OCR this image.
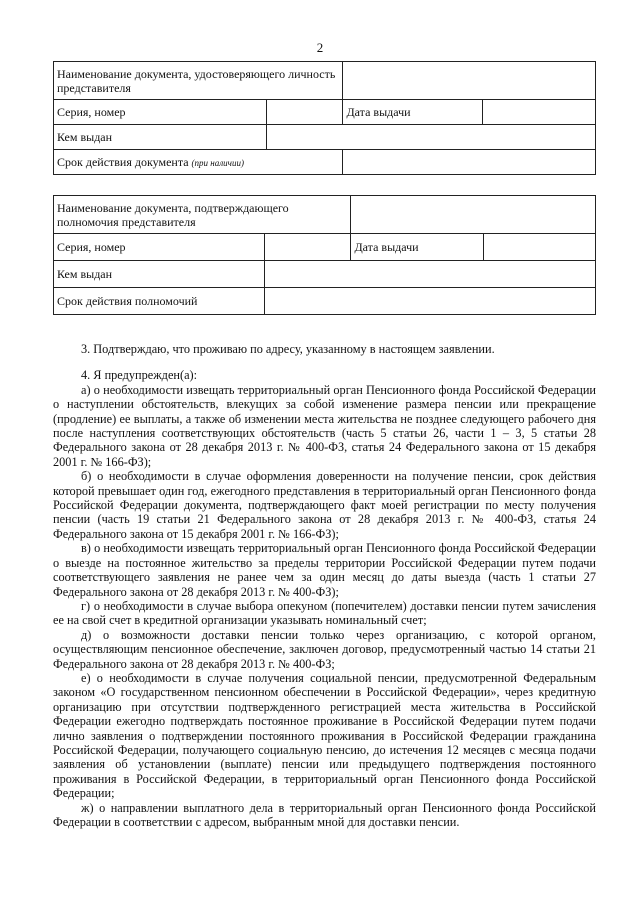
2
Наименование документа, удостоверяющего личность представителя			
Серия, номер		Дата выдачи	
Кем выдан			
Срок действия документа (при наличии)			
Наименование документа, подтверждающего полномочия представителя			
Серия, номер		Дата выдачи	
Кем выдан			
Срок действия полномочий			

3. Подтверждаю, что проживаю по адресу, указанному в настоящем заявлении.

4. Я предупрежден(а):

а) о необходимости извещать территориальный орган Пенсионного фонда Российской Федерации о наступлении обстоятельств, влекущих за собой изменение размера пенсии или прекращение (продление) ее выплаты, а также об изменении места жительства не позднее следующего рабочего дня после наступления соответствующих обстоятельств (часть 5 статьи 26, части 1 – 3, 5 статьи 28 Федерального закона от 28 декабря 2013 г. № 400-ФЗ, статья 24 Федерального закона от 15 декабря 2001 г. № 166-ФЗ);

б) о необходимости в случае оформления доверенности на получение пенсии, срок действия которой превышает один год, ежегодного представления в территориальный орган Пенсионного фонда Российской Федерации документа, подтверждающего факт моей регистрации по месту получения пенсии (часть 19 статьи 21 Федерального закона от 28 декабря 2013 г. № 400-ФЗ, статья 24 Федерального закона от 15 декабря 2001 г. № 166-ФЗ);

в) о необходимости извещать территориальный орган Пенсионного фонда Российской Федерации о выезде на постоянное жительство за пределы территории Российской Федерации путем подачи соответствующего заявления не ранее чем за один месяц до даты выезда (часть 1 статьи 27 Федерального закона от 28 декабря 2013 г. № 400-ФЗ);

г) о необходимости в случае выбора опекуном (попечителем) доставки пенсии путем зачисления ее на свой счет в кредитной организации указывать номинальный счет;

д) о возможности доставки пенсии только через организацию, с которой органом, осуществляющим пенсионное обеспечение, заключен договор, предусмотренный частью 14 статьи 21 Федерального закона от 28 декабря 2013 г. № 400-ФЗ;

е) о необходимости в случае получения социальной пенсии, предусмотренной Федеральным законом «О государственном пенсионном обеспечении в Российской Федерации», через кредитную организацию при отсутствии подтвержденного регистрацией места жительства в Российской Федерации ежегодно подтверждать постоянное проживание в Российской Федерации путем подачи лично заявления о подтверждении постоянного проживания в Российской Федерации гражданина Российской Федерации, получающего социальную пенсию, до истечения 12 месяцев с месяца подачи заявления об установлении (выплате) пенсии или предыдущего подтверждения постоянного проживания в Российской Федерации, в территориальный орган Пенсионного фонда Российской Федерации;

ж) о направлении выплатного дела в территориальный орган Пенсионного фонда Российской Федерации в соответствии с адресом, выбранным мной для доставки пенсии.
